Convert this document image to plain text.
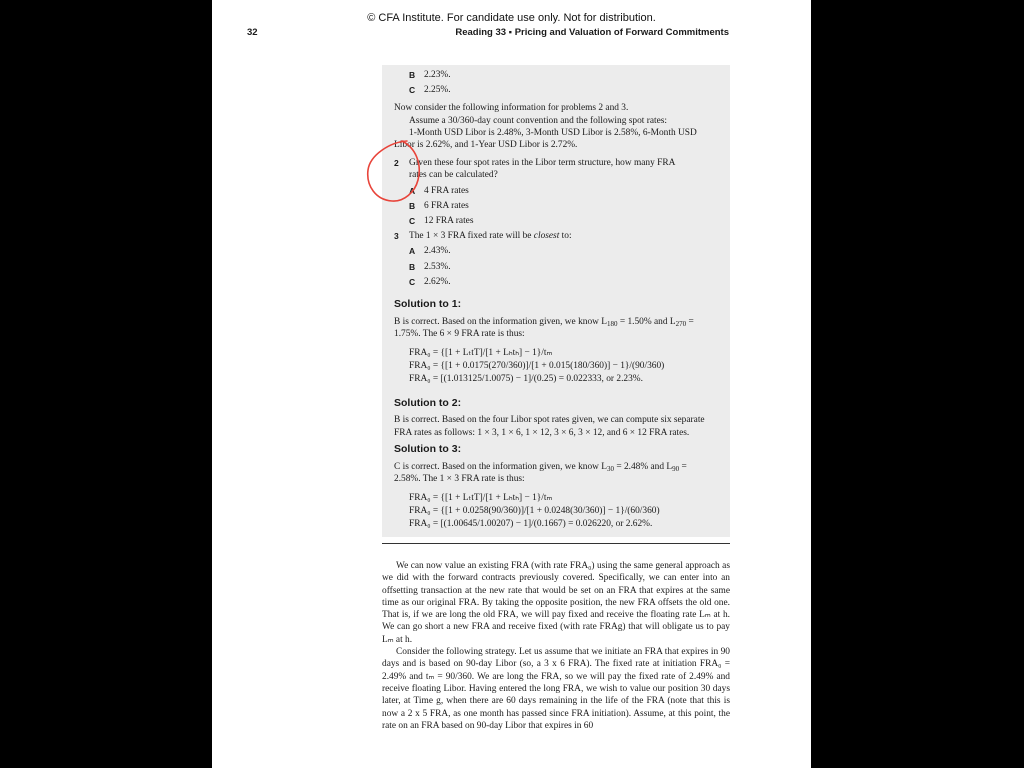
© CFA Institute. For candidate use only. Not for distribution.
32	Reading 33 ▪ Pricing and Valuation of Forward Commitments
B 2.23%.
C 2.25%.
Now consider the following information for problems 2 and 3.
Assume a 30/360-day count convention and the following spot rates:
1-Month USD Libor is 2.48%, 3-Month USD Libor is 2.58%, 6-Month USD
Libor is 2.62%, and 1-Year USD Libor is 2.72%.
2 Given these four spot rates in the Libor term structure, how many FRA
rates can be calculated?
A 4 FRA rates
B 6 FRA rates
C 12 FRA rates
3 The 1 × 3 FRA fixed rate will be closest to:
A 2.43%.
B 2.53%.
C 2.62%.
Solution to 1:
B is correct. Based on the information given, we know $L_{180} = 1.50\%$ and $L_{270}$ =
1.75%. The 6 × 9 FRA rate is thus:
FRA₀ = {[1 + LₜtT]/[1 + Lₕtₕ] − 1}/tₘ
FRA₀ = {[1 + 0.0175(270/360)]/[1 + 0.015(180/360)] − 1}/(90/360)
FRA₀ = [(1.013125/1.0075) − 1]/(0.25) = 0.022333, or 2.23%.
Solution to 2:
B is correct. Based on the four Libor spot rates given, we can compute six separate
FRA rates as follows: 1 × 3, 1 × 6, 1 × 12, 3 × 6, 3 × 12, and 6 × 12 FRA rates.
Solution to 3:
C is correct. Based on the information given, we know $L_{30} = 2.48\%$ and $L_{90}$ =
2.58%. The 1 × 3 FRA rate is thus:
FRA₀ = {[1 + LₜtT]/[1 + Lₕtₕ] − 1}/tₘ
FRA₀ = {[1 + 0.0258(90/360)]/[1 + 0.0248(30/360)] − 1}/(60/360)
FRA₀ = [(1.00645/1.00207) − 1]/(0.1667) = 0.026220, or 2.62%.

We can now value an existing FRA (with rate FRA₀) using the same general approach as we did with the forward contracts previously covered. Specifically, we can enter into an offsetting transaction at the new rate that would be set on an FRA that expires at the same time as our original FRA. By taking the opposite position, the new FRA offsets the old one. That is, if we are long the old FRA, we will pay fixed and receive the floating rate Lₘ at h. We can go short a new FRA and receive fixed (with rate FRAg) that will obligate us to pay Lₘ at h.

Consider the following strategy. Let us assume that we initiate an FRA that expires in 90 days and is based on 90-day Libor (so, a 3 x 6 FRA). The fixed rate at initiation FRA₀ = 2.49% and tₘ = 90/360. We are long the FRA, so we will pay the fixed rate of 2.49% and receive floating Libor. Having entered the long FRA, we wish to value our position 30 days later, at Time g, when there are 60 days remaining in the life of the FRA (note that this is now a 2 x 5 FRA, as one month has passed since FRA initiation). Assume, at this point, the rate on an FRA based on 90-day Libor that expires in 60
